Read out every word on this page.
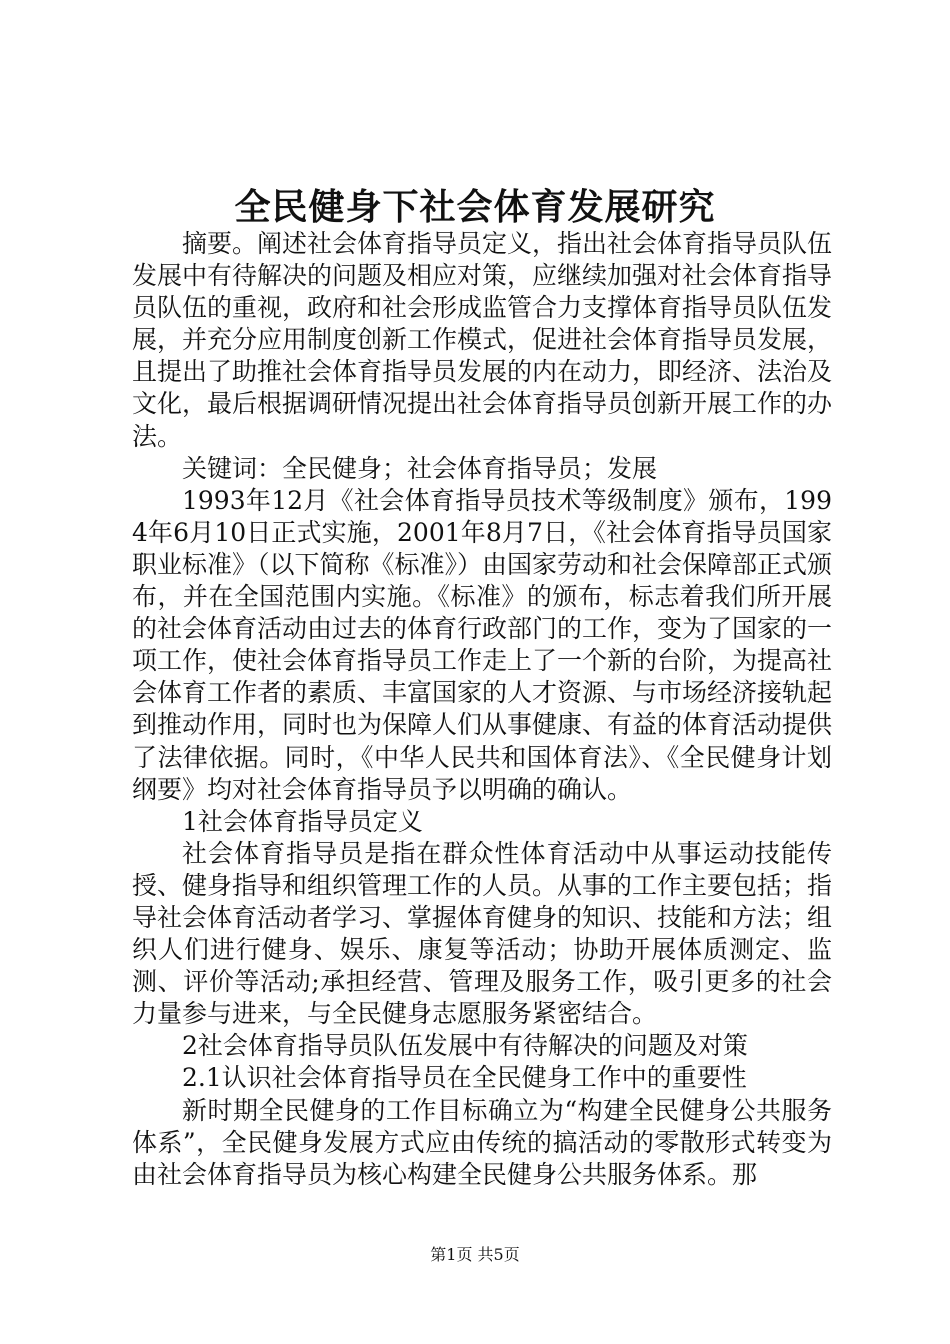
全民健身下社会体育发展研究

摘要。阐述社会体育指导员定义，指出社会体育指导员队伍发展中有待解决的问题及相应对策，应继续加强对社会体育指导员队伍的重视，政府和社会形成监管合力支撑体育指导员队伍发展，并充分应用制度创新工作模式，促进社会体育指导员发展，且提出了助推社会体育指导员发展的内在动力，即经济、法治及文化，最后根据调研情况提出社会体育指导员创新开展工作的办法。

关键词：全民健身；社会体育指导员；发展

1993年12月《社会体育指导员技术等级制度》颁布，1994年6月10日正式实施，2001年8月7日，《社会体育指导员国家职业标准》（以下简称《标准》）由国家劳动和社会保障部正式颁布，并在全国范围内实施。《标准》的颁布，标志着我们所开展的社会体育活动由过去的体育行政部门的工作，变为了国家的一项工作，使社会体育指导员工作走上了一个新的台阶，为提高社会体育工作者的素质、丰富国家的人才资源、与市场经济接轨起到推动作用，同时也为保障人们从事健康、有益的体育活动提供了法律依据。同时，《中华人民共和国体育法》、《全民健身计划纲要》均对社会体育指导员予以明确的确认。

1社会体育指导员定义

社会体育指导员是指在群众性体育活动中从事运动技能传授、健身指导和组织管理工作的人员。从事的工作主要包括；指导社会体育活动者学习、掌握体育健身的知识、技能和方法；组织人们进行健身、娱乐、康复等活动；协助开展体质测定、监测、评价等活动;承担经营、管理及服务工作，吸引更多的社会力量参与进来，与全民健身志愿服务紧密结合。

2社会体育指导员队伍发展中有待解决的问题及对策

2.1认识社会体育指导员在全民健身工作中的重要性

新时期全民健身的工作目标确立为“构建全民健身公共服务体系”，全民健身发展方式应由传统的搞活动的零散形式转变为由社会体育指导员为核心构建全民健身公共服务体系。那

第1页 共5页
